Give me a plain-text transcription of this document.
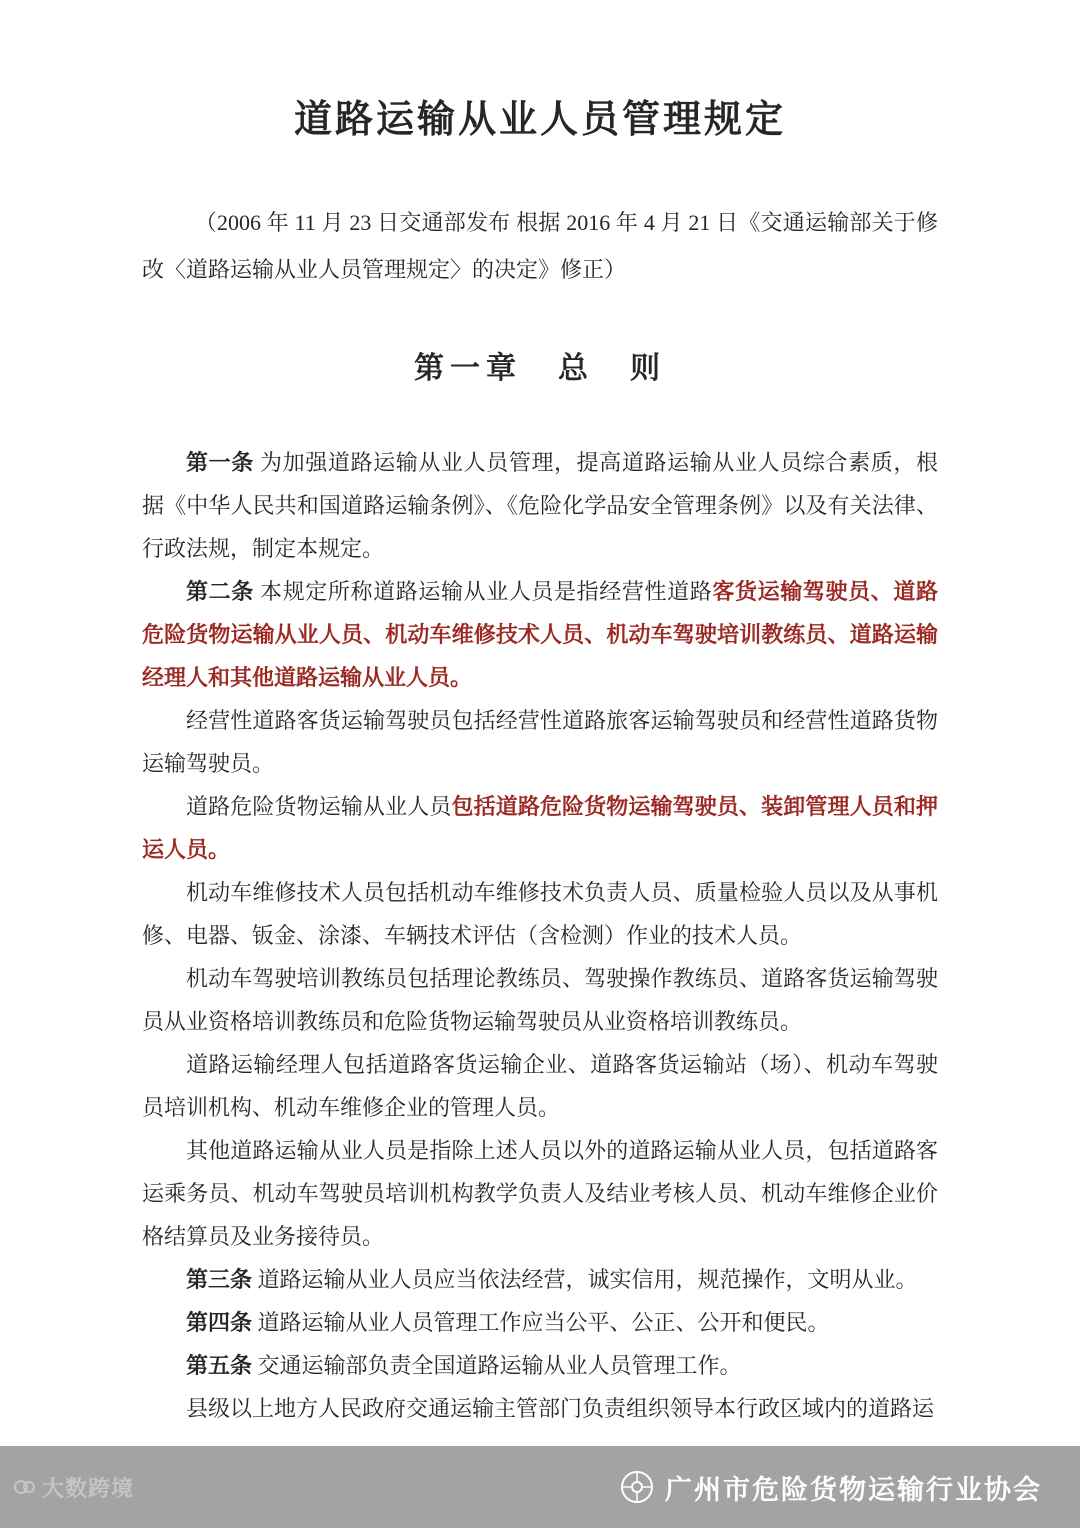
道路运输从业人员管理规定

（2006 年 11 月 23 日交通部发布 根据 2016 年 4 月 21 日《交通运输部关于修改〈道路运输从业人员管理规定〉的决定》修正）

第一章　总　则

第一条 为加强道路运输从业人员管理，提高道路运输从业人员综合素质，根据《中华人民共和国道路运输条例》、《危险化学品安全管理条例》以及有关法律、行政法规，制定本规定。

第二条 本规定所称道路运输从业人员是指经营性道路客货运输驾驶员、道路危险货物运输从业人员、机动车维修技术人员、机动车驾驶培训教练员、道路运输经理人和其他道路运输从业人员。

经营性道路客货运输驾驶员包括经营性道路旅客运输驾驶员和经营性道路货物运输驾驶员。

道路危险货物运输从业人员包括道路危险货物运输驾驶员、装卸管理人员和押运人员。

机动车维修技术人员包括机动车维修技术负责人员、质量检验人员以及从事机修、电器、钣金、涂漆、车辆技术评估（含检测）作业的技术人员。

机动车驾驶培训教练员包括理论教练员、驾驶操作教练员、道路客货运输驾驶员从业资格培训教练员和危险货物运输驾驶员从业资格培训教练员。

道路运输经理人包括道路客货运输企业、道路客货运输站（场）、机动车驾驶员培训机构、机动车维修企业的管理人员。

其他道路运输从业人员是指除上述人员以外的道路运输从业人员，包括道路客运乘务员、机动车驾驶员培训机构教学负责人及结业考核人员、机动车维修企业价格结算员及业务接待员。

第三条 道路运输从业人员应当依法经营，诚实信用，规范操作，文明从业。

第四条 道路运输从业人员管理工作应当公平、公正、公开和便民。

第五条 交通运输部负责全国道路运输从业人员管理工作。

县级以上地方人民政府交通运输主管部门负责组织领导本行政区域内的道路运

大数跨境	广州市危险货物运输行业协会
